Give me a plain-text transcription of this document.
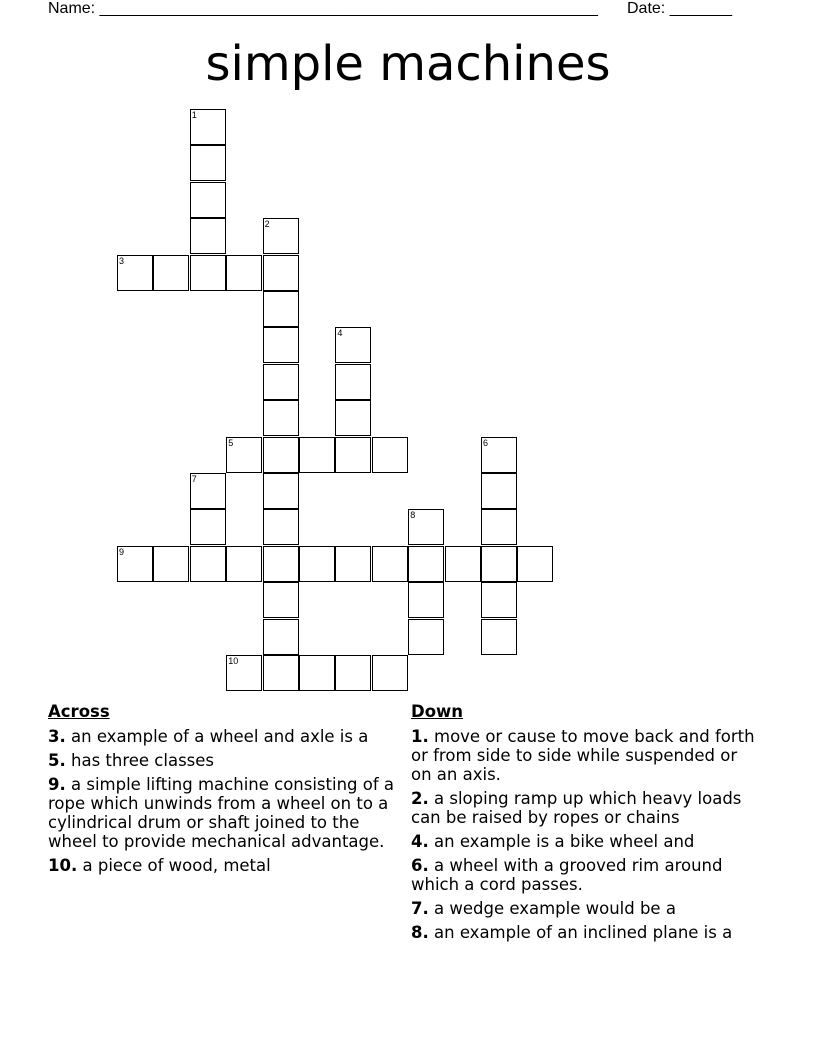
Name: ________________________________________________________ Date: _______
simple machines
1
2
3
4
5	6
7
8
9
10
Across
3. an example of a wheel and axle is a
5. has three classes
9. a simple lifting machine consisting of a rope which unwinds from a wheel on to a cylindrical drum or shaft joined to the wheel to provide mechanical advantage.
10. a piece of wood, metal
Down
1. move or cause to move back and forth or from side to side while suspended or on an axis.
2. a sloping ramp up which heavy loads can be raised by ropes or chains
4. an example is a bike wheel and
6. a wheel with a grooved rim around which a cord passes.
7. a wedge example would be a
8. an example of an inclined plane is a
